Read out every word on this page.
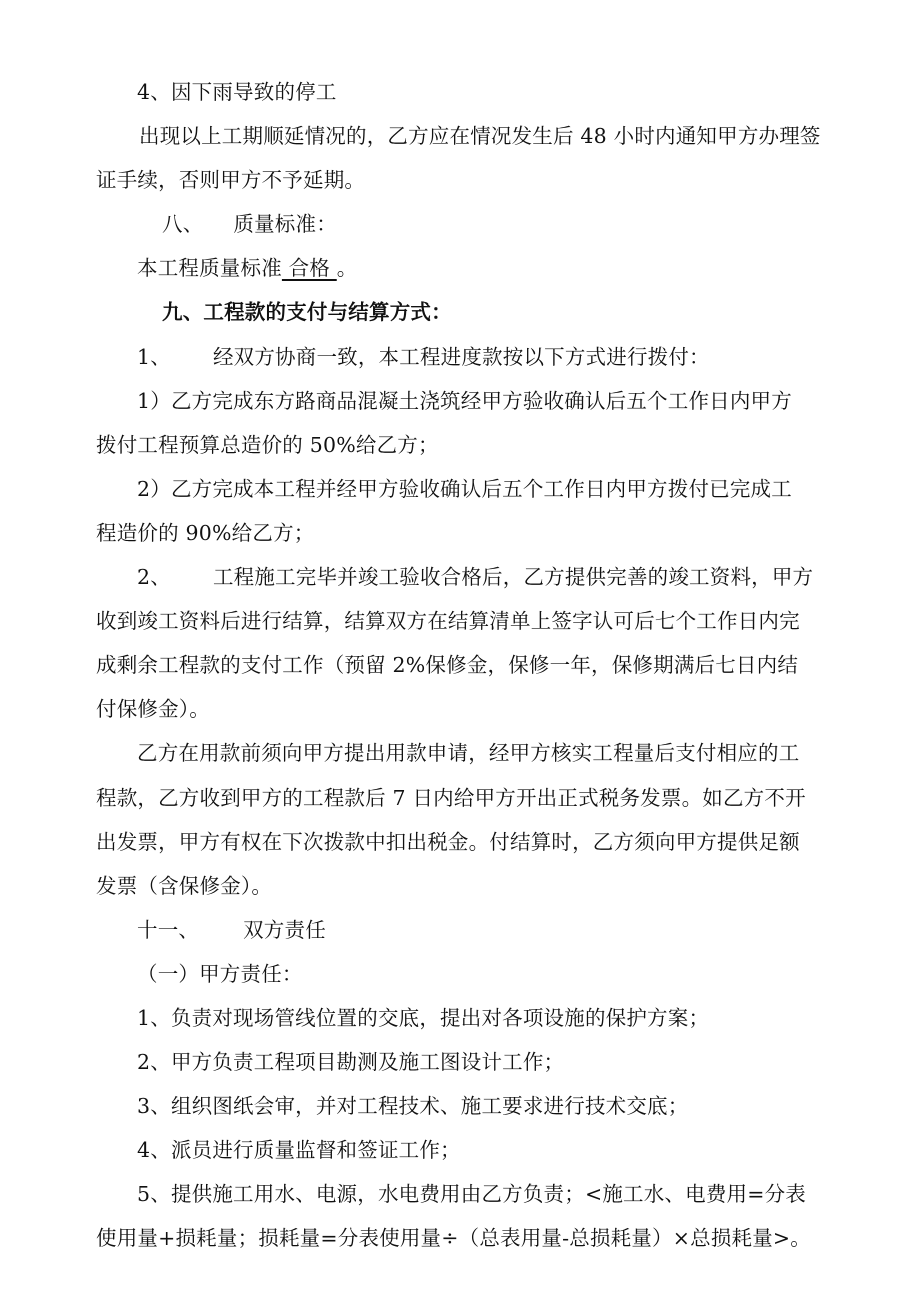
4、因下雨导致的停工
出现以上工期顺延情况的，乙方应在情况发生后 48 小时内通知甲方办理签
证手续，否则甲方不予延期。
八、 质量标准：
本工程质量标准 合格 。
九、工程款的支付与结算方式：
1、 经双方协商一致，本工程进度款按以下方式进行拨付：
1）乙方完成东方路商品混凝土浇筑经甲方验收确认后五个工作日内甲方
拨付工程预算总造价的 50%给乙方；
2）乙方完成本工程并经甲方验收确认后五个工作日内甲方拨付已完成工
程造价的 90%给乙方；
2、 工程施工完毕并竣工验收合格后，乙方提供完善的竣工资料，甲方
收到竣工资料后进行结算，结算双方在结算清单上签字认可后七个工作日内完
成剩余工程款的支付工作（预留 2%保修金，保修一年，保修期满后七日内结
付保修金）。
乙方在用款前须向甲方提出用款申请，经甲方核实工程量后支付相应的工
程款，乙方收到甲方的工程款后 7 日内给甲方开出正式税务发票。如乙方不开
出发票，甲方有权在下次拨款中扣出税金。付结算时，乙方须向甲方提供足额
发票（含保修金）。
十一、 双方责任
（一）甲方责任：
1、负责对现场管线位置的交底，提出对各项设施的保护方案；
2、甲方负责工程项目勘测及施工图设计工作；
3、组织图纸会审，并对工程技术、施工要求进行技术交底；
4、派员进行质量监督和签证工作；
5、提供施工用水、电源，水电费用由乙方负责；<施工水、电费用=分表
使用量+损耗量；损耗量=分表使用量÷（总表用量-总损耗量）×总损耗量>。
